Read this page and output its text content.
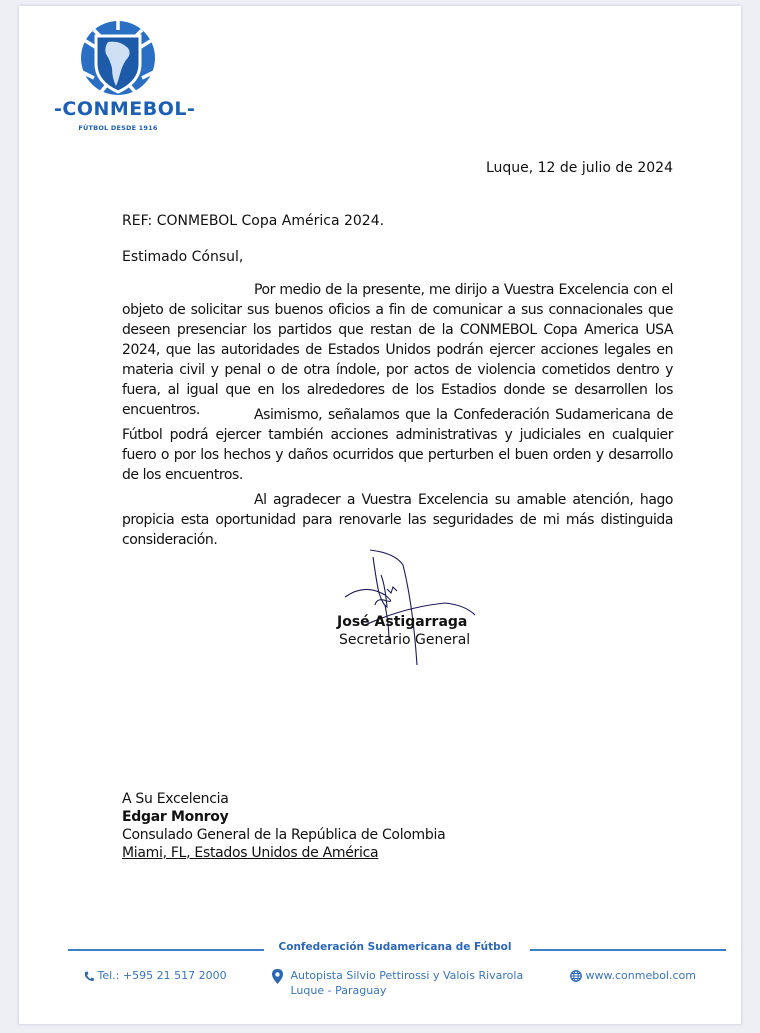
-CONMEBOL-
FÚTBOL DESDE 1916
Luque, 12 de julio de 2024
REF: CONMEBOL Copa América 2024.
Estimado Cónsul,
Por medio de la presente, me dirijo a Vuestra Excelencia con el objeto de solicitar sus buenos oficios a fin de comunicar a sus connacionales que deseen presenciar los partidos que restan de la CONMEBOL Copa America USA 2024, que las autoridades de Estados Unidos podrán ejercer acciones legales en materia civil y penal o de otra índole, por actos de violencia cometidos dentro y fuera, al igual que en los alrededores de los Estadios donde se desarrollen los encuentros.	Asimismo, señalamos que la Confederación Sudamericana de Fútbol podrá ejercer también acciones administrativas y judiciales en cualquier fuero o por los hechos y daños ocurridos que perturben el buen orden y desarrollo de los encuentros.
Al agradecer a Vuestra Excelencia su amable atención, hago propicia esta oportunidad para renovarle las seguridades de mi más distinguida consideración.
José Astigarraga
Secretario General
A Su Excelencia
Edgar Monroy
Consulado General de la República de Colombia
Miami, FL, Estados Unidos de América
Confederación Sudamericana de Fútbol
Tel.: +595 21 517 2000
	Autopista Silvio Pettirossi y Valois Rivarola
Luque - Paraguay
www.conmebol.com
